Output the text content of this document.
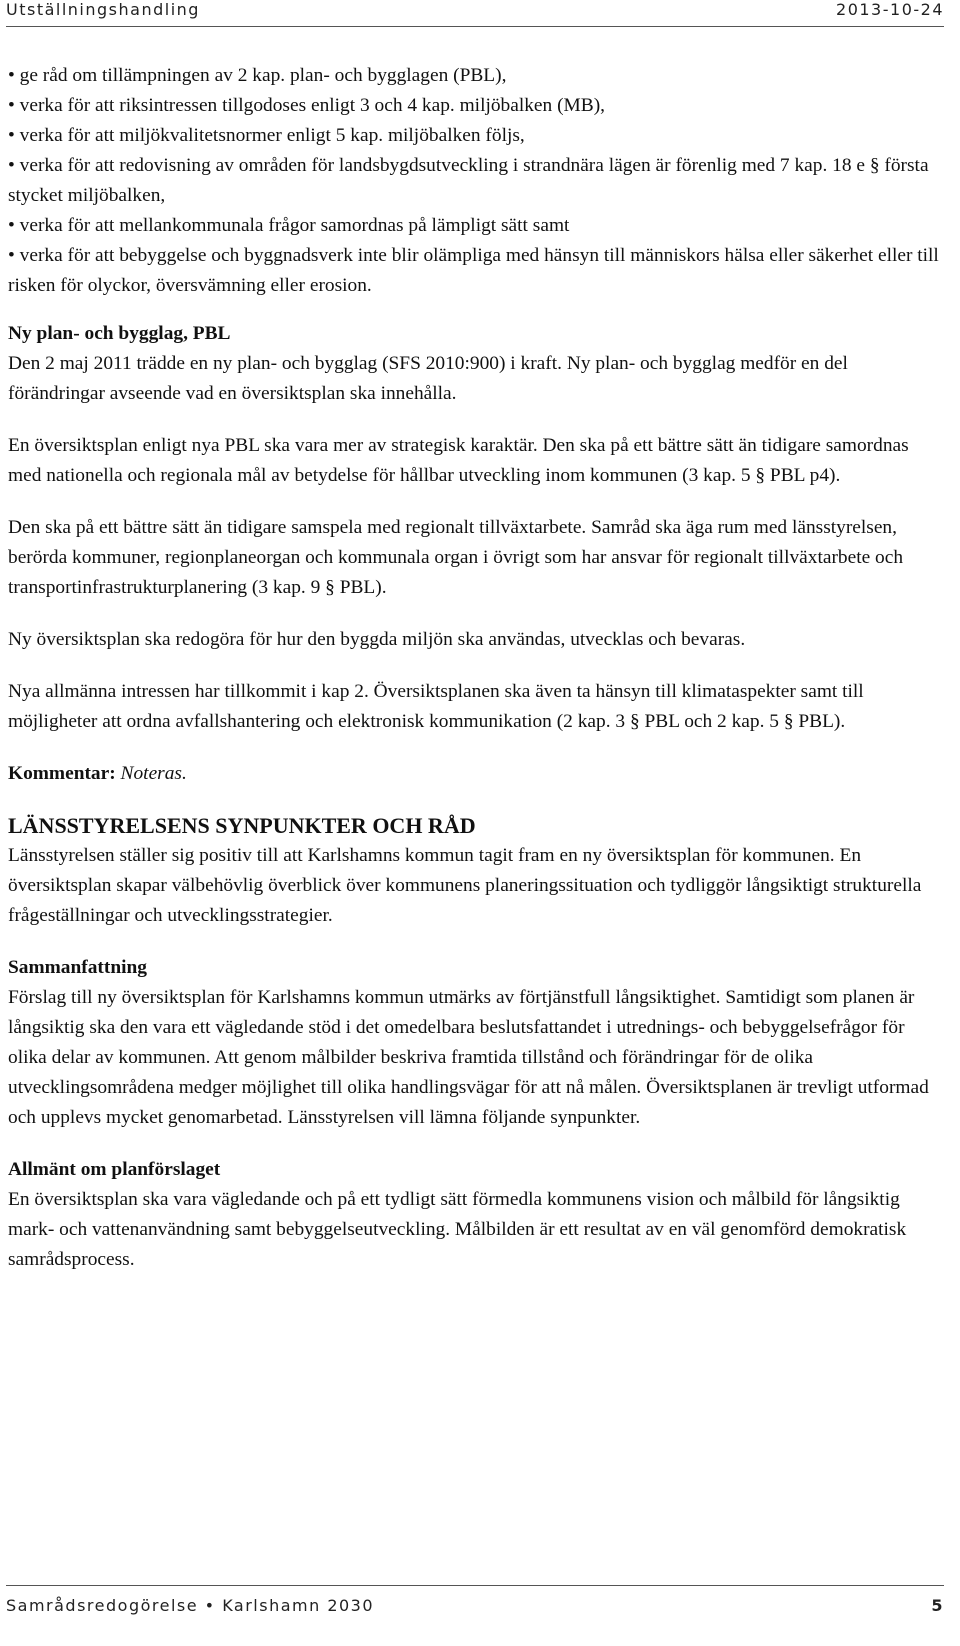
Utställningshandling	2013-10-24
• ge råd om tillämpningen av 2 kap. plan- och bygglagen (PBL),
• verka för att riksintressen tillgodoses enligt 3 och 4 kap. miljöbalken (MB),
• verka för att miljökvalitetsnormer enligt 5 kap. miljöbalken följs,
• verka för att redovisning av områden för landsbygdsutveckling i strandnära lägen är förenlig med 7 kap. 18 e § första stycket miljöbalken,
• verka för att mellankommunala frågor samordnas på lämpligt sätt samt
• verka för att bebyggelse och byggnadsverk inte blir olämpliga med hänsyn till människors hälsa eller säkerhet eller till risken för olyckor, översvämning eller erosion.
Ny plan- och bygglag, PBL

Den 2 maj 2011 trädde en ny plan- och bygglag (SFS 2010:900) i kraft. Ny plan- och bygglag medför en del förändringar avseende vad en översiktsplan ska innehålla.

En översiktsplan enligt nya PBL ska vara mer av strategisk karaktär. Den ska på ett bättre sätt än tidigare samordnas med nationella och regionala mål av betydelse för hållbar utveckling inom kommunen (3 kap. 5 § PBL p4).

Den ska på ett bättre sätt än tidigare samspela med regionalt tillväxtarbete. Samråd ska äga rum med länsstyrelsen, berörda kommuner, regionplaneorgan och kommunala organ i övrigt som har ansvar för regionalt tillväxtarbete och transportinfrastrukturplanering (3 kap. 9 § PBL).

Ny översiktsplan ska redogöra för hur den byggda miljön ska användas, utvecklas och bevaras.

Nya allmänna intressen har tillkommit i kap 2. Översiktsplanen ska även ta hänsyn till klimataspekter samt till möjligheter att ordna avfallshantering och elektronisk kommunikation (2 kap. 3 § PBL och 2 kap. 5 § PBL).

Kommentar: Noteras.

LÄNSSTYRELSENS SYNPUNKTER OCH RÅD

Länsstyrelsen ställer sig positiv till att Karlshamns kommun tagit fram en ny översiktsplan för kommunen. En översiktsplan skapar välbehövlig överblick över kommunens planeringssituation och tydliggör långsiktigt strukturella frågeställningar och utvecklingsstrategier.

Sammanfattning

Förslag till ny översiktsplan för Karlshamns kommun utmärks av förtjänstfull långsiktighet. Samtidigt som planen är långsiktig ska den vara ett vägledande stöd i det omedelbara beslutsfattandet i utrednings- och bebyggelsefrågor för olika delar av kommunen. Att genom målbilder beskriva framtida tillstånd och förändringar för de olika utvecklingsområdena medger möjlighet till olika handlingsvägar för att nå målen. Översiktsplanen är trevligt utformad och upplevs mycket genomarbetad. Länsstyrelsen vill lämna följande synpunkter.

Allmänt om planförslaget

En översiktsplan ska vara vägledande och på ett tydligt sätt förmedla kommunens vision och målbild för långsiktig mark- och vattenanvändning samt bebyggelseutveckling. Målbilden är ett resultat av en väl genomförd demokratisk samrådsprocess.

Samrådsredogörelse • Karlshamn 2030	5
